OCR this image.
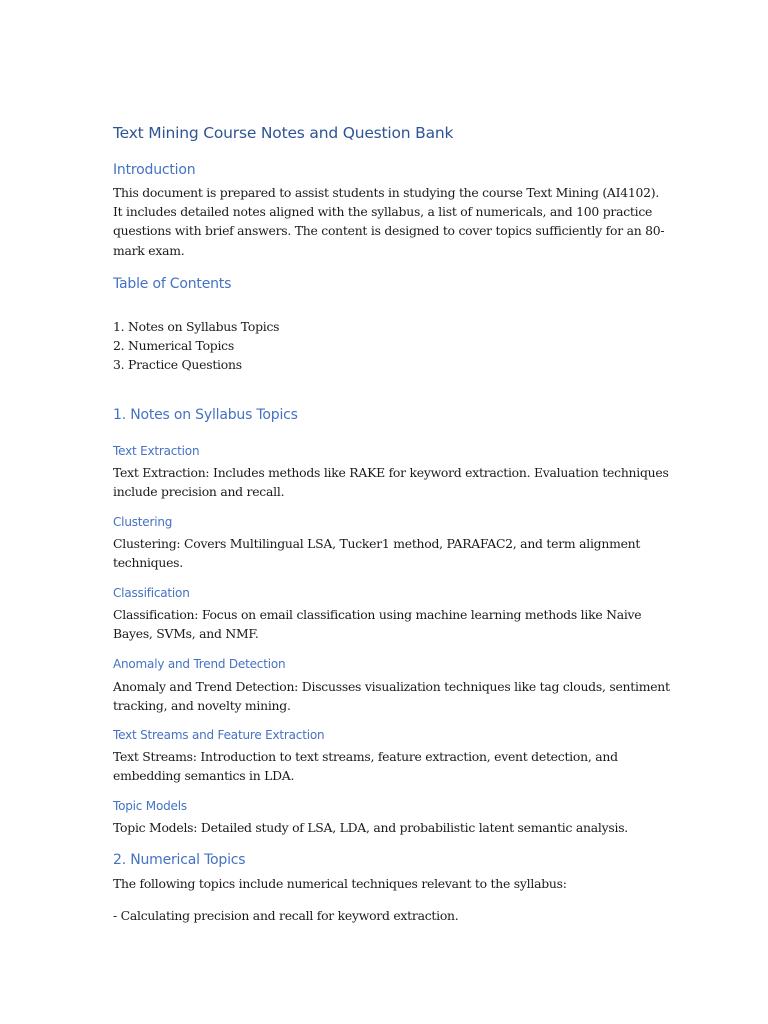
Text Mining Course Notes and Question Bank
Introduction

This document is prepared to assist students in studying the course Text Mining (AI4102).
It includes detailed notes aligned with the syllabus, a list of numericals, and 100 practice
questions with brief answers. The content is designed to cover topics sufficiently for an 80-
mark exam.

Table of Contents
1. Notes on Syllabus Topics
2. Numerical Topics
3. Practice Questions
1. Notes on Syllabus Topics
Text Extraction

Text Extraction: Includes methods like RAKE for keyword extraction. Evaluation techniques
include precision and recall.

Clustering

Clustering: Covers Multilingual LSA, Tucker1 method, PARAFAC2, and term alignment
techniques.

Classification

Classification: Focus on email classification using machine learning methods like Naive
Bayes, SVMs, and NMF.

Anomaly and Trend Detection

Anomaly and Trend Detection: Discusses visualization techniques like tag clouds, sentiment
tracking, and novelty mining.

Text Streams and Feature Extraction

Text Streams: Introduction to text streams, feature extraction, event detection, and
embedding semantics in LDA.

Topic Models

Topic Models: Detailed study of LSA, LDA, and probabilistic latent semantic analysis.

2. Numerical Topics

The following topics include numerical techniques relevant to the syllabus:

- Calculating precision and recall for keyword extraction.
